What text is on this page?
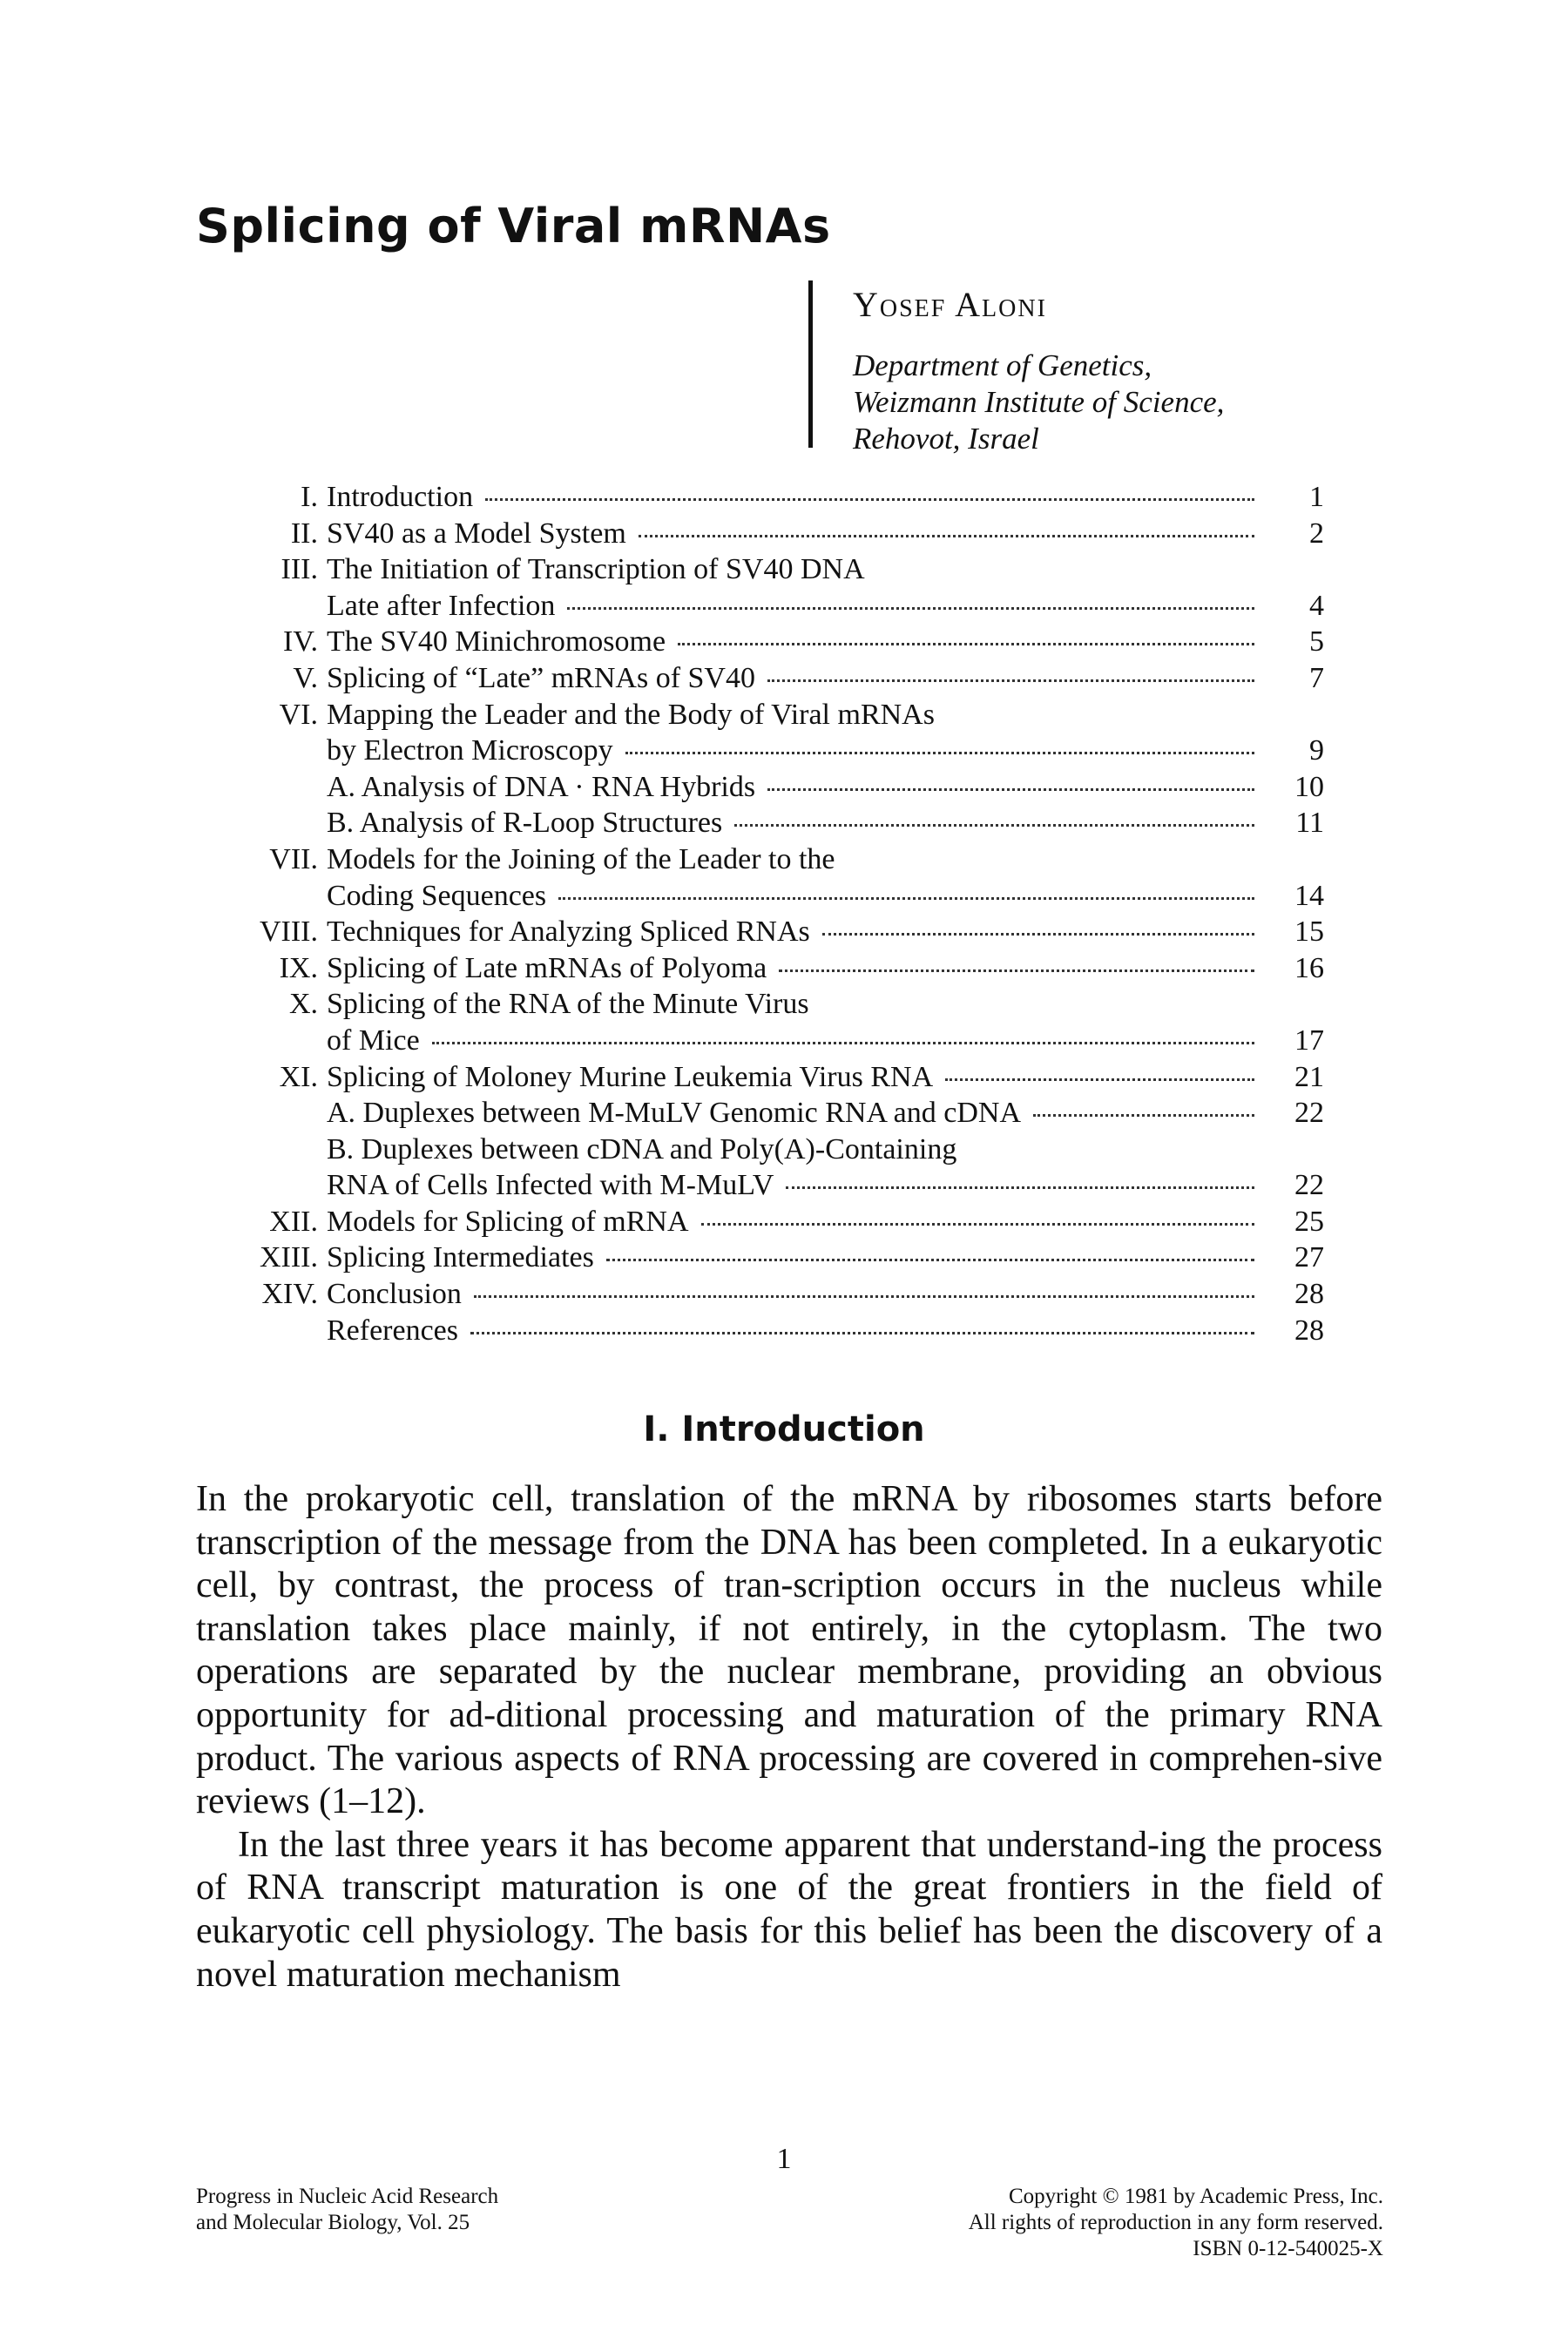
Splicing of Viral mRNAs
Yosef Aloni
Department of Genetics,
Weizmann Institute of Science,
Rehovot, Israel
I. Introduction	1
II. SV40 as a Model System	2
III. The Initiation of Transcription of SV40 DNA
Late after Infection	4
IV. The SV40 Minichromosome	5
V. Splicing of “Late” mRNAs of SV40	7
VI. Mapping the Leader and the Body of Viral mRNAs
by Electron Microscopy	9
A. Analysis of DNA · RNA Hybrids	10
B. Analysis of R-Loop Structures	11
VII. Models for the Joining of the Leader to the
Coding Sequences	14
VIII. Techniques for Analyzing Spliced RNAs	15
IX. Splicing of Late mRNAs of Polyoma	16
X. Splicing of the RNA of the Minute Virus
of Mice	17
XI. Splicing of Moloney Murine Leukemia Virus RNA	21
A. Duplexes between M-MuLV Genomic RNA and cDNA	22
B. Duplexes between cDNA and Poly(A)-Containing
RNA of Cells Infected with M-MuLV	22
XII. Models for Splicing of mRNA	25
XIII. Splicing Intermediates	27
XIV. Conclusion	28
References	28
I. Introduction

In the prokaryotic cell, translation of the mRNA by ribosomes starts before transcription of the message from the DNA has been completed. In a eukaryotic cell, by contrast, the process of tran-scription occurs in the nucleus while translation takes place mainly, if not entirely, in the cytoplasm. The two operations are separated by the nuclear membrane, providing an obvious opportunity for ad-ditional processing and maturation of the primary RNA product. The various aspects of RNA processing are covered in comprehen-sive reviews (1–12).

In the last three years it has become apparent that understand-ing the process of RNA transcript maturation is one of the great frontiers in the field of eukaryotic cell physiology. The basis for this belief has been the discovery of a novel maturation mechanism

1
Progress in Nucleic Acid Research
and Molecular Biology, Vol. 25
Copyright © 1981 by Academic Press, Inc.
All rights of reproduction in any form reserved.
ISBN 0-12-540025-X
